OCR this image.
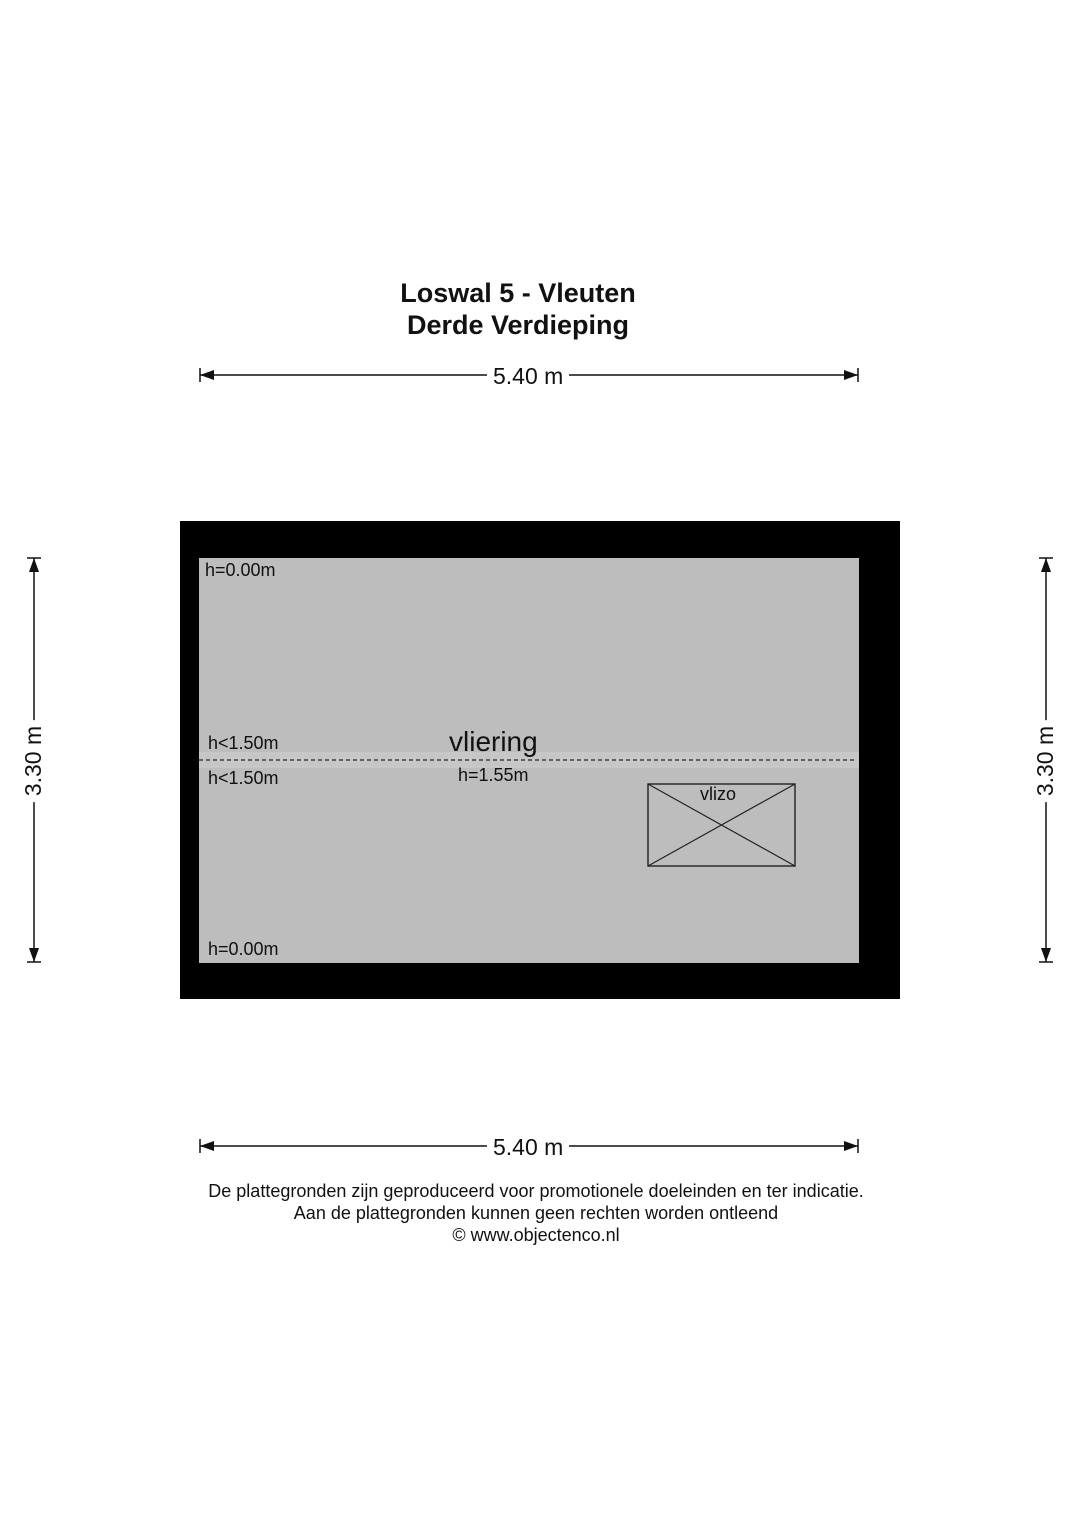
Loswal 5 - Vleuten
Derde Verdieping
5.40 m
5.40 m
3.30 m	3.30 m
h=0.00m
h<1.50m
h<1.50m
h=0.00m
vliering
h=1.55m
vlizo
De plattegronden zijn geproduceerd voor promotionele doeleinden en ter indicatie.
Aan de plattegronden kunnen geen rechten worden ontleend
© www.objectenco.nl
